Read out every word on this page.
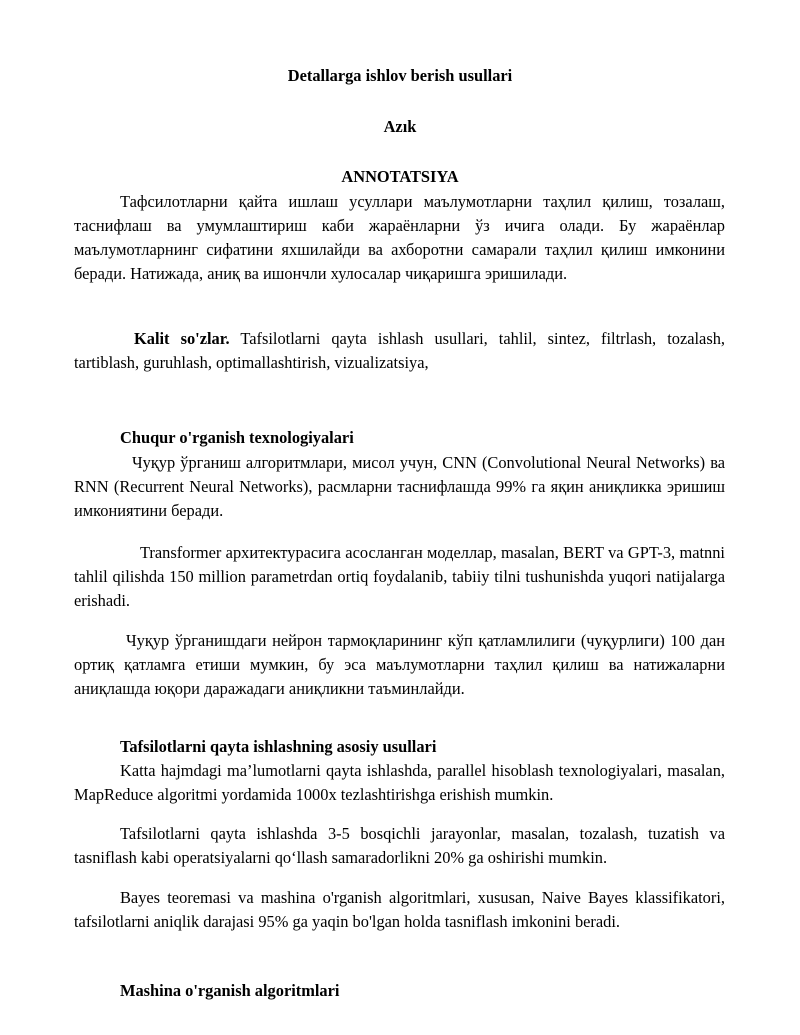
Detallarga ishlov berish usullari

Azık

ANNOTATSIYA

Тафсилотларни қайта ишлаш усуллари маълумотларни таҳлил қилиш, тозалаш, таснифлаш ва умумлаштириш каби жараёнларни ўз ичига олади. Бу жараёнлар маълумотларнинг сифатини яхшилайди ва ахборотни самарали таҳлил қилиш имконини беради. Натижада, аниқ ва ишончли хулосалар чиқаришга эришилади.

Kalit so'zlar. Tafsilotlarni qayta ishlash usullari, tahlil, sintez, filtrlash, tozalash, tartiblash, guruhlash, optimallashtirish, vizualizatsiya,

Chuqur o'rganish texnologiyalari

Чуқур ўрганиш алгоритмлари, мисол учун, CNN (Convolutional Neural Networks) ва RNN (Recurrent Neural Networks), расмларни таснифлашда 99% га яқин аниқликка эришиш имкониятини беради.

Transformer архитектурасига асосланган моделлар, masalan, BERT va GPT-3, matnni tahlil qilishda 150 million parametrdan ortiq foydalanib, tabiiy tilni tushunishda yuqori natijalarga erishadi.

Чуқур ўрганишдаги нейрон тармоқларининг кўп қатламлилиги (чуқурлиги) 100 дан ортиқ қатламга етиши мумкин, бу эса маълумотларни таҳлил қилиш ва натижаларни аниқлашда юқори даражадаги аниқликни таъминлайди.

Tafsilotlarni qayta ishlashning asosiy usullari

Katta hajmdagi ma’lumotlarni qayta ishlashda, parallel hisoblash texnologiyalari, masalan, MapReduce algoritmi yordamida 1000x tezlashtirishga erishish mumkin.

Tafsilotlarni qayta ishlashda 3-5 bosqichli jarayonlar, masalan, tozalash, tuzatish va tasniflash kabi operatsiyalarni qo‘llash samaradorlikni 20% ga oshirishi mumkin.

Bayes teoremasi va mashina o'rganish algoritmlari, xususan, Naive Bayes klassifikatori, tafsilotlarni aniqlik darajasi 95% ga yaqin bo'lgan holda tasniflash imkonini beradi.

Mashina o'rganish algoritmlari
